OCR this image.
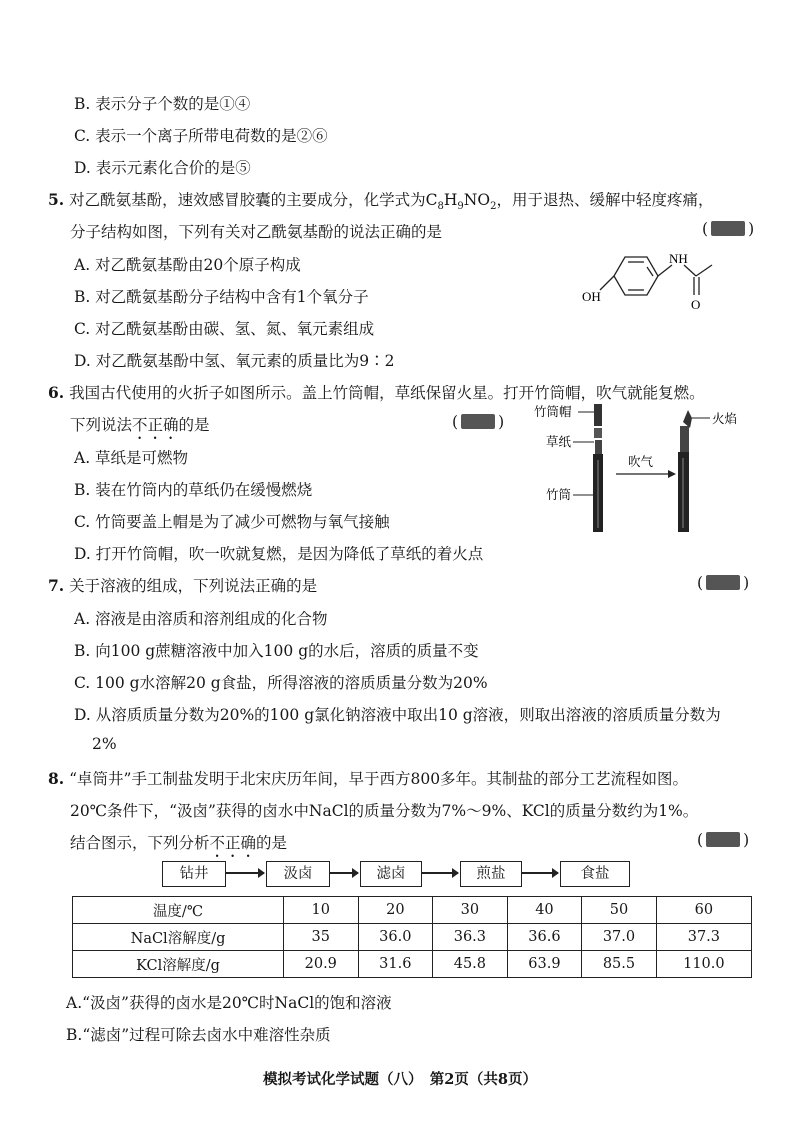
B. 表示分子个数的是①④
C. 表示一个离子所带电荷数的是②⑥
D. 表示元素化合价的是⑤
5. 对乙酰氨基酚，速效感冒胶囊的主要成分，化学式为$C_8H_9NO_2$，用于退热、缓解中轻度疼痛，
分子结构如图，下列有关对乙酰氨基酚的说法正确的是	(	)
A. 对乙酰氨基酚由20个原子构成
B. 对乙酰氨基酚分子结构中含有1个氧分子
C. 对乙酰氨基酚由碳、氢、氮、氧元素组成
D. 对乙酰氨基酚中氢、氧元素的质量比为9∶2
OH
NH
O
6. 我国古代使用的火折子如图所示。盖上竹筒帽，草纸保留火星。打开竹筒帽，吹气就能复燃。
下列说法不正确的是	(	)
A. 草纸是可燃物
B. 装在竹筒内的草纸仍在缓慢燃烧
C. 竹筒要盖上帽是为了减少可燃物与氧气接触
D. 打开竹筒帽，吹一吹就复燃，是因为降低了草纸的着火点
竹筒帽
草纸
竹筒
吹气
火焰
7. 关于溶液的组成，下列说法正确的是	(	)
A. 溶液是由溶质和溶剂组成的化合物
B. 向100 g蔗糖溶液中加入100 g的水后，溶质的质量不变
C. 100 g水溶解20 g食盐，所得溶液的溶质质量分数为20%
D. 从溶质质量分数为20%的100 g氯化钠溶液中取出10 g溶液，则取出溶液的溶质质量分数为
2%
8. “卓筒井”手工制盐发明于北宋庆历年间，早于西方800多年。其制盐的部分工艺流程如图。
20℃条件下，“汲卤”获得的卤水中NaCl的质量分数为7%～9%、KCl的质量分数约为1%。
结合图示，下列分析不正确的是	(	)
钻井	汲卤	滤卤	煎盐	食盐
温度/℃	10	20	30	40	50	60
NaCl溶解度/g	35	36.0	36.3	36.6	37.0	37.3
KCl溶解度/g	20.9	31.6	45.8	63.9	85.5	110.0
A.“汲卤”获得的卤水是20℃时NaCl的饱和溶液
B.“滤卤”过程可除去卤水中难溶性杂质
模拟考试化学试题（八）　第2页（共8页）
